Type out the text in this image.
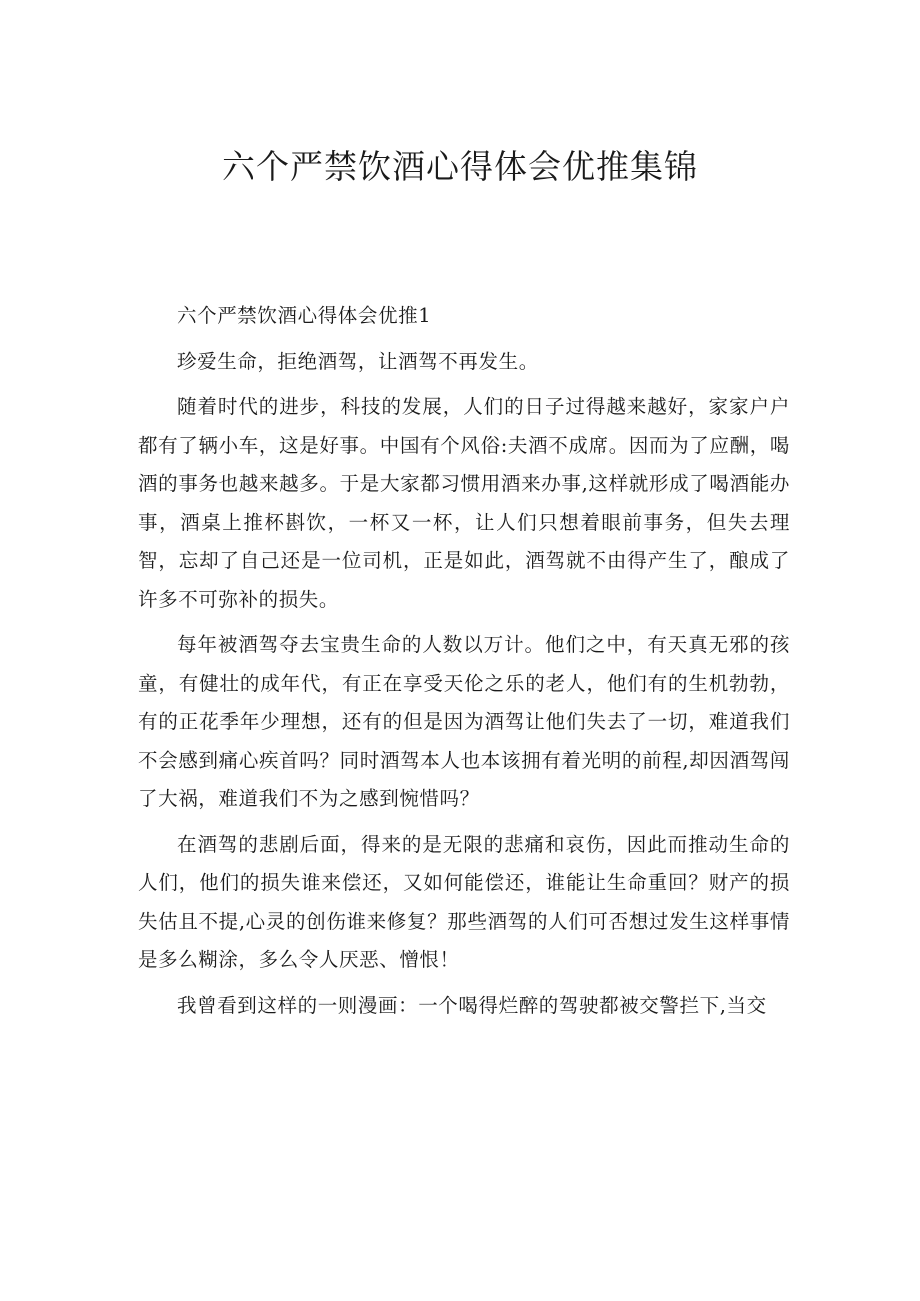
六个严禁饮酒心得体会优推集锦

六个严禁饮酒心得体会优推1

珍爱生命，拒绝酒驾，让酒驾不再发生。

随着时代的进步，科技的发展，人们的日子过得越来越好，家家户户都有了辆小车，这是好事。中国有个风俗:夫酒不成席。因而为了应酬，喝酒的事务也越来越多。于是大家都习惯用酒来办事,这样就形成了喝酒能办事，酒桌上推杯斟饮，一杯又一杯，让人们只想着眼前事务，但失去理智，忘却了自己还是一位司机，正是如此，酒驾就不由得产生了，酿成了许多不可弥补的损失。

每年被酒驾夺去宝贵生命的人数以万计。他们之中，有天真无邪的孩童，有健壮的成年代，有正在享受天伦之乐的老人，他们有的生机勃勃，有的正花季年少理想，还有的但是因为酒驾让他们失去了一切，难道我们不会感到痛心疾首吗？同时酒驾本人也本该拥有着光明的前程,却因酒驾闯了大祸，难道我们不为之感到惋惜吗？

在酒驾的悲剧后面，得来的是无限的悲痛和哀伤，因此而推动生命的人们，他们的损失谁来偿还，又如何能偿还，谁能让生命重回？财产的损失估且不提,心灵的创伤谁来修复？那些酒驾的人们可否想过发生这样事情是多么糊涂，多么令人厌恶、憎恨！

我曾看到这样的一则漫画：一个喝得烂醉的驾驶都被交警拦下,当交
